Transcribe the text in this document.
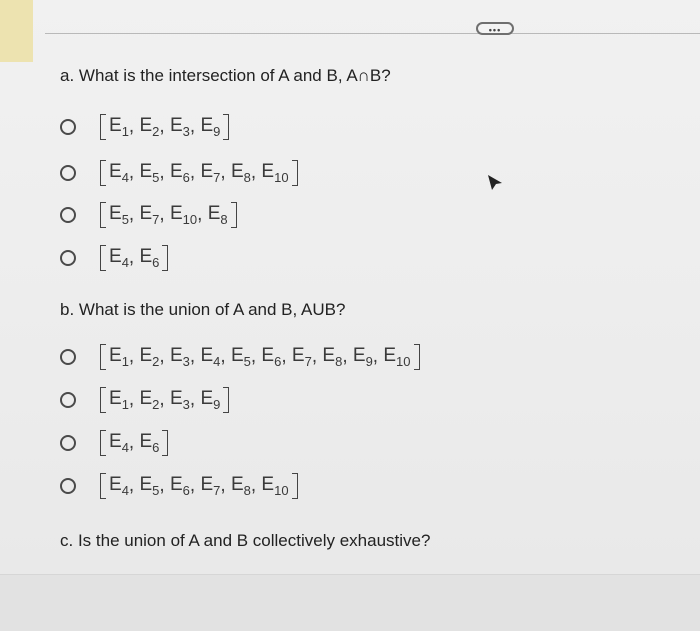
•••
a. What is the intersection of A and B, A∩B?
$E_1$ , $E_2$ , $E_3$ , $E_9$
$E_4$ , $E_5$ , $E_6$ , $E_7$ , $E_8$ , $E_{10}$
$E_5$ , $E_7$ , $E_{10}$ , $E_8$
$E_4$ , $E_6$
b. What is the union of A and B, AUB?
$E_1$ , $E_2$ , $E_3$ , $E_4$ , $E_5$ , $E_6$ , $E_7$ , $E_8$ , $E_9$ , $E_{10}$
$E_1$ , $E_2$ , $E_3$ , $E_9$
$E_4$ , $E_6$
$E_4$ , $E_5$ , $E_6$ , $E_7$ , $E_8$ , $E_{10}$
c. Is the union of A and B collectively exhaustive?
